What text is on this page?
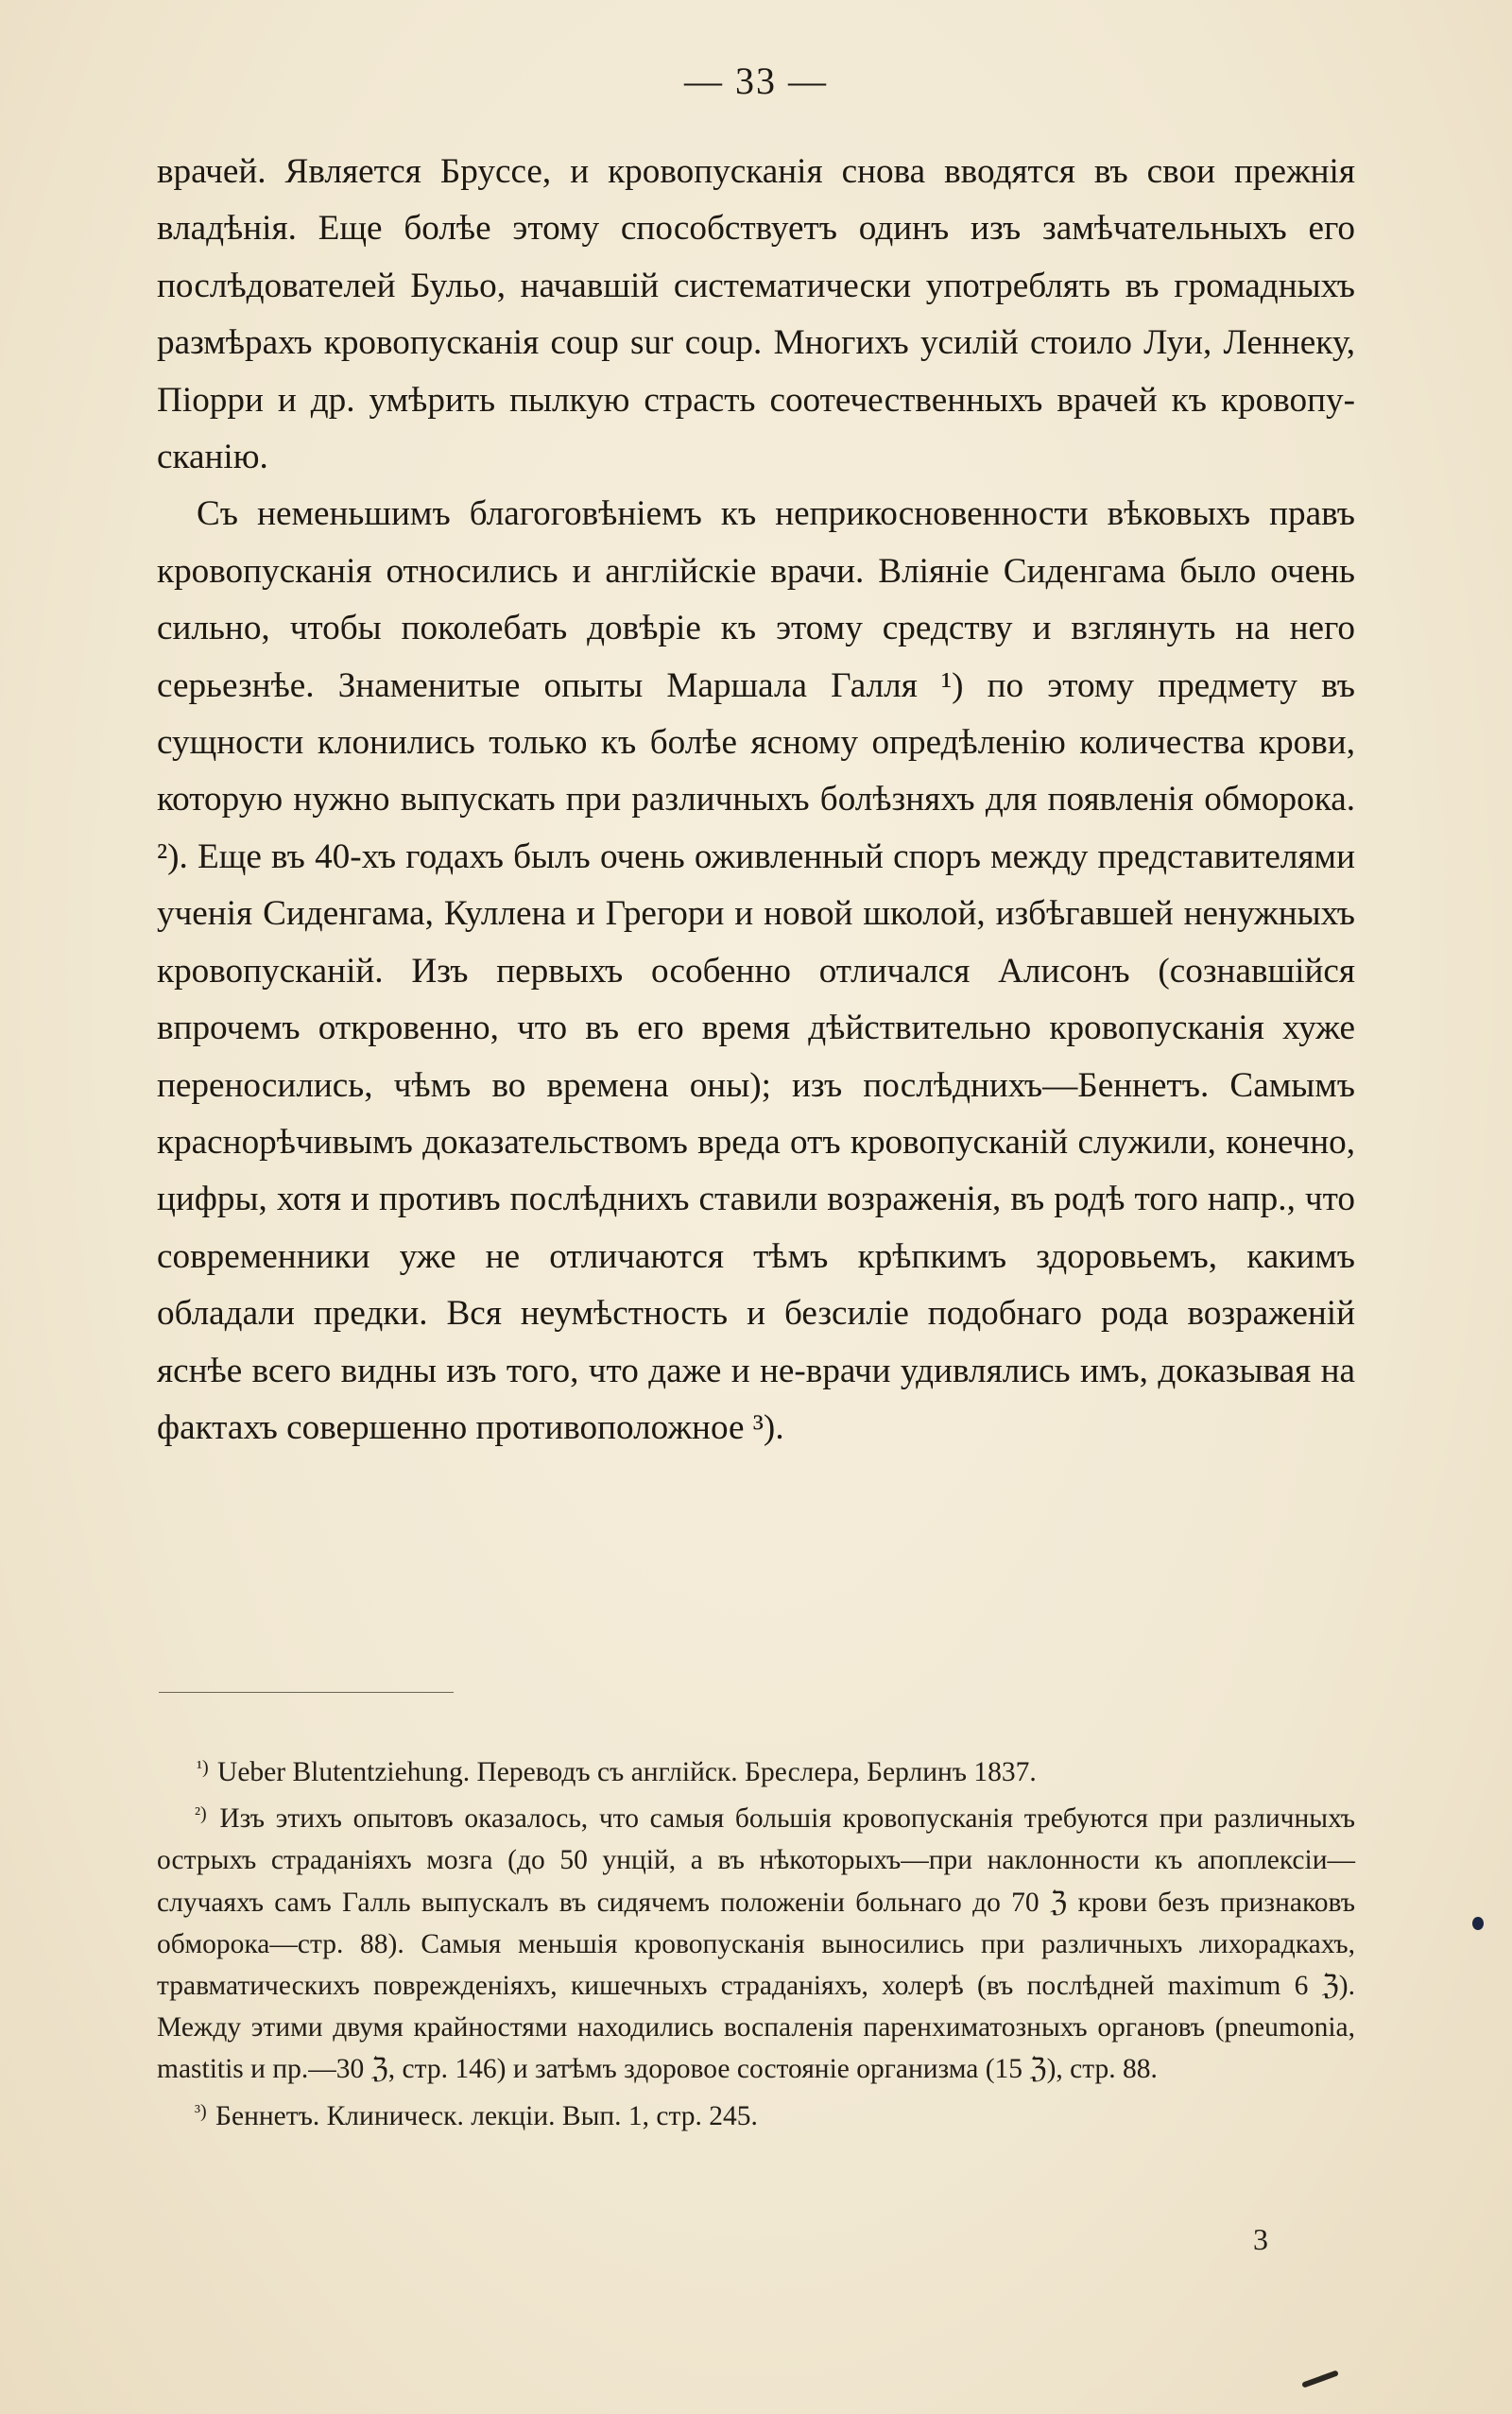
— 33 —

врачей. Является Бруссе, и кровопусканія снова вводятся въ свои прежнія владѣнія. Еще болѣе этому способствуетъ одинъ изъ замѣчательныхъ его послѣдователей Бульо, начавшій систематически употреблять въ громадныхъ размѣрахъ кровопусканія coup sur coup. Многихъ усилій стоило Луи, Леннеку, Піорри и др. умѣрить пылкую страсть соотечественныхъ врачей къ кровопусканію.

Съ неменьшимъ благоговѣніемъ къ неприкосновенности вѣковыхъ правъ кровопусканія относились и англійскіе врачи. Вліяніе Сиденгама было очень сильно, чтобы поколебать довѣріе къ этому средству и взглянуть на него серьезнѣе. Знаменитые опыты Маршала Галля ¹) по этому предмету въ сущности клонились только къ болѣе ясному опредѣленію количества крови, которую нужно выпускать при различныхъ болѣзняхъ для появленія обморока. ²). Еще въ 40-хъ годахъ былъ очень оживленный споръ между представителями ученія Сиденгама, Куллена и Грегори и новой школой, избѣгавшей ненужныхъ кровопусканій. Изъ первыхъ особенно отличался Алисонъ (сознавшійся впрочемъ откровенно, что въ его время дѣйствительно кровопусканія хуже переносились, чѣмъ во времена оны); изъ послѣднихъ—Беннетъ. Самымъ краснорѣчивымъ доказательствомъ вреда отъ кровопусканій служили, конечно, цифры, хотя и противъ послѣднихъ ставили возраженія, въ родѣ того напр., что современники уже не отличаются тѣмъ крѣпкимъ здоровьемъ, какимъ обладали предки. Вся неумѣстность и безсиліе подобнаго рода возраженій яснѣе всего видны изъ того, что даже и не-врачи удивлялись имъ, доказывая на фактахъ совершенно противоположное ³).

$^{^1)}$ Ueber Blutentziehung. Переводъ съ англійск. Бреслера, Берлинъ 1837.

$^{^2)}$ Изъ этихъ опытовъ оказалось, что самыя большія кровопусканія требуются при различныхъ острыхъ страданіяхъ мозга (до 50 унцій, а въ нѣкоторыхъ—при наклонности къ апоплексіи—случаяхъ самъ Галль выпускалъ въ сидячемъ положеніи больнаго до 70 ℨ крови безъ признаковъ обморока—стр. 88). Самыя меньшія кровопусканія выносились при различныхъ лихорадкахъ, травматическихъ поврежденіяхъ, кишечныхъ страданіяхъ, холерѣ (въ послѣдней maximum 6 ℨ). Между этими двумя крайностями находились воспаленія паренхиматозныхъ органовъ (pneumonia, mastitis и пр.—30 ℨ, стр. 146) и затѣмъ здоровое состояніе организма (15 ℨ), стр. 88.

$^{^3)}$ Беннетъ. Клиническ. лекціи. Вып. 1, стр. 245.

3
